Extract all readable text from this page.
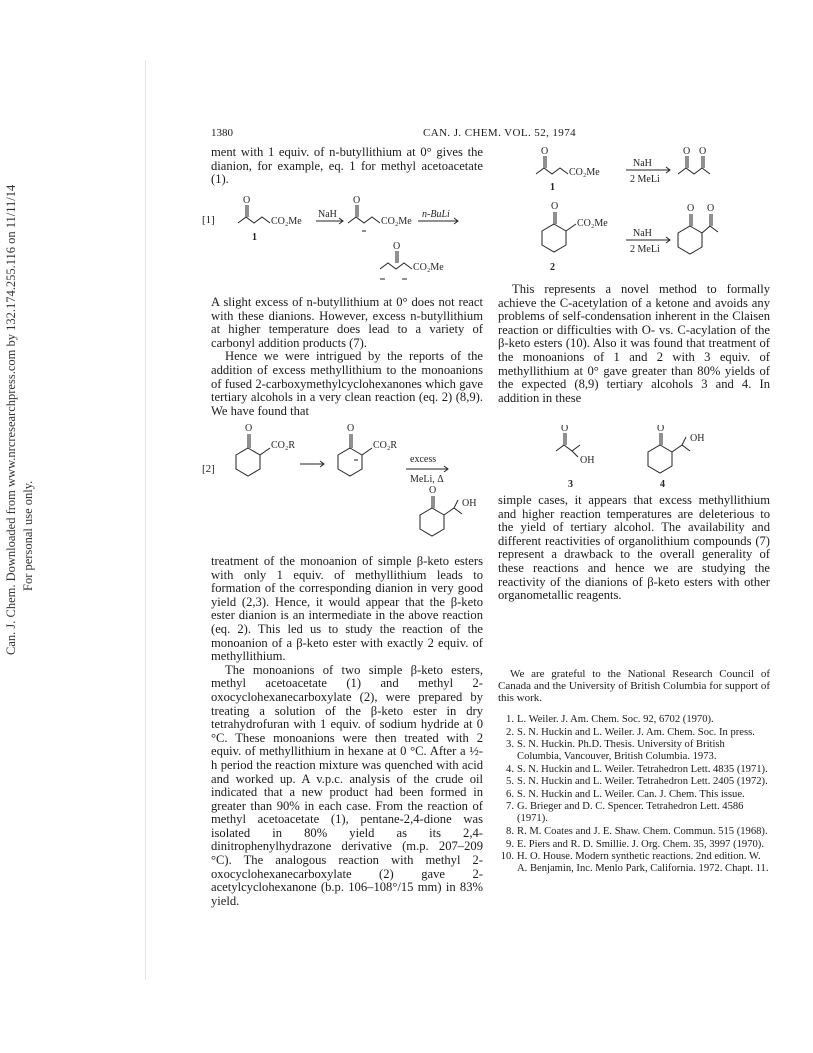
Can. J. Chem. Downloaded from www.nrcresearchpress.com by 132.174.255.116 on 11/11/14 For personal use only.
1380	CAN. J. CHEM. VOL. 52, 1974

ment with 1 equiv. of n-butyllithium at 0° gives the dianion, for example, eq. 1 for methyl acetoacetate (1).

[1]
O
CO₂Me
1
NaH
O
CO₂Me
n-BuLi
O
CO₂Me

A slight excess of n-butyllithium at 0° does not react with these dianions. However, excess n-butyllithium at higher temperature does lead to a variety of carbonyl addition products (7).

Hence we were intrigued by the reports of the addition of excess methyllithium to the monoanions of fused 2-carboxymethylcyclohexanones which gave tertiary alcohols in a very clean reaction (eq. 2) (8,9). We have found that

[2]
O
CO₂R
O
CO₂R
excess
MeLi, Δ
O
OH

treatment of the monoanion of simple β-keto esters with only 1 equiv. of methyllithium leads to formation of the corresponding dianion in very good yield (2,3). Hence, it would appear that the β-keto ester dianion is an intermediate in the above reaction (eq. 2). This led us to study the reaction of the monoanion of a β-keto ester with exactly 2 equiv. of methyllithium.

The monoanions of two simple β-keto esters, methyl acetoacetate (1) and methyl 2-oxocyclohexanecarboxylate (2), were prepared by treating a solution of the β-keto ester in dry tetrahydrofuran with 1 equiv. of sodium hydride at 0 °C. These monoanions were then treated with 2 equiv. of methyllithium in hexane at 0 °C. After a ½-h period the reaction mixture was quenched with acid and worked up. A v.p.c. analysis of the crude oil indicated that a new product had been formed in greater than 90% in each case. From the reaction of methyl acetoacetate (1), pentane-2,4-dione was isolated in 80% yield as its 2,4-dinitrophenylhydrazone derivative (m.p. 207–209 °C). The analogous reaction with methyl 2-oxocyclohexanecarboxylate (2) gave 2-acetylcyclohexanone (b.p. 106–108°/15 mm) in 83% yield.

O
CO₂Me
1
NaH
2 MeLi
O O
O
CO₂Me
2
NaH
2 MeLi
O O

This represents a novel method to formally achieve the C-acetylation of a ketone and avoids any problems of self-condensation inherent in the Claisen reaction or difficulties with O- vs. C-acylation of the β-keto esters (10). Also it was found that treatment of the monoanions of 1 and 2 with 3 equiv. of methyllithium at 0° gave greater than 80% yields of the expected (8,9) tertiary alcohols 3 and 4. In addition in these

O
OH
3
O
OH
4

simple cases, it appears that excess methyllithium and higher reaction temperatures are deleterious to the yield of tertiary alcohol. The availability and different reactivities of organolithium compounds (7) represent a drawback to the overall generality of these reactions and hence we are studying the reactivity of the dianions of β-keto esters with other organometallic reagents.

We are grateful to the National Research Council of Canada and the University of British Columbia for support of this work.

1. L. Weiler. J. Am. Chem. Soc. 92, 6702 (1970).
2. S. N. Huckin and L. Weiler. J. Am. Chem. Soc. In press.
3. S. N. Huckin. Ph.D. Thesis. University of British Columbia, Vancouver, British Columbia. 1973.
4. S. N. Huckin and L. Weiler. Tetrahedron Lett. 4835 (1971).
5. S. N. Huckin and L. Weiler. Tetrahedron Lett. 2405 (1972).
6. S. N. Huckin and L. Weiler. Can. J. Chem. This issue.
7. G. Brieger and D. C. Spencer. Tetrahedron Lett. 4586 (1971).
8. R. M. Coates and J. E. Shaw. Chem. Commun. 515 (1968).
9. E. Piers and R. D. Smillie. J. Org. Chem. 35, 3997 (1970).
10. H. O. House. Modern synthetic reactions. 2nd edition. W. A. Benjamin, Inc. Menlo Park, California. 1972. Chapt. 11.
